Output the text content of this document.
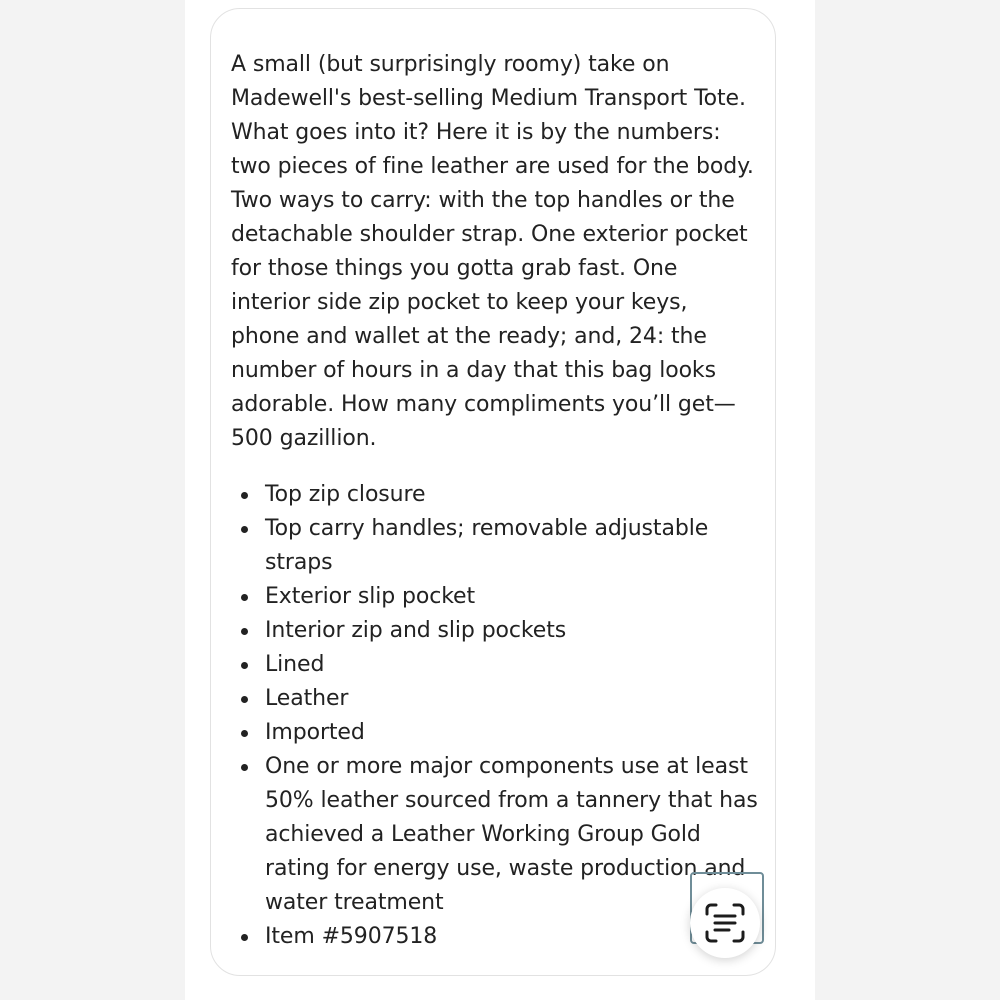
A small (but surprisingly roomy) take on Madewell's best-selling Medium Transport Tote. What goes into it? Here it is by the numbers: two pieces of fine leather are used for the body. Two ways to carry: with the top handles or the detachable shoulder strap. One exterior pocket for those things you gotta grab fast. One interior side zip pocket to keep your keys, phone and wallet at the ready; and, 24: the number of hours in a day that this bag looks adorable. How many compliments you’ll get—500 gazillion.

Top zip closure
Top carry handles; removable adjustable straps
Exterior slip pocket
Interior zip and slip pockets
Lined
Leather
Imported
One or more major components use at least 50% leather sourced from a tannery that has achieved a Leather Working Group Gold rating for energy use, waste production and water treatment
Item #5907518
